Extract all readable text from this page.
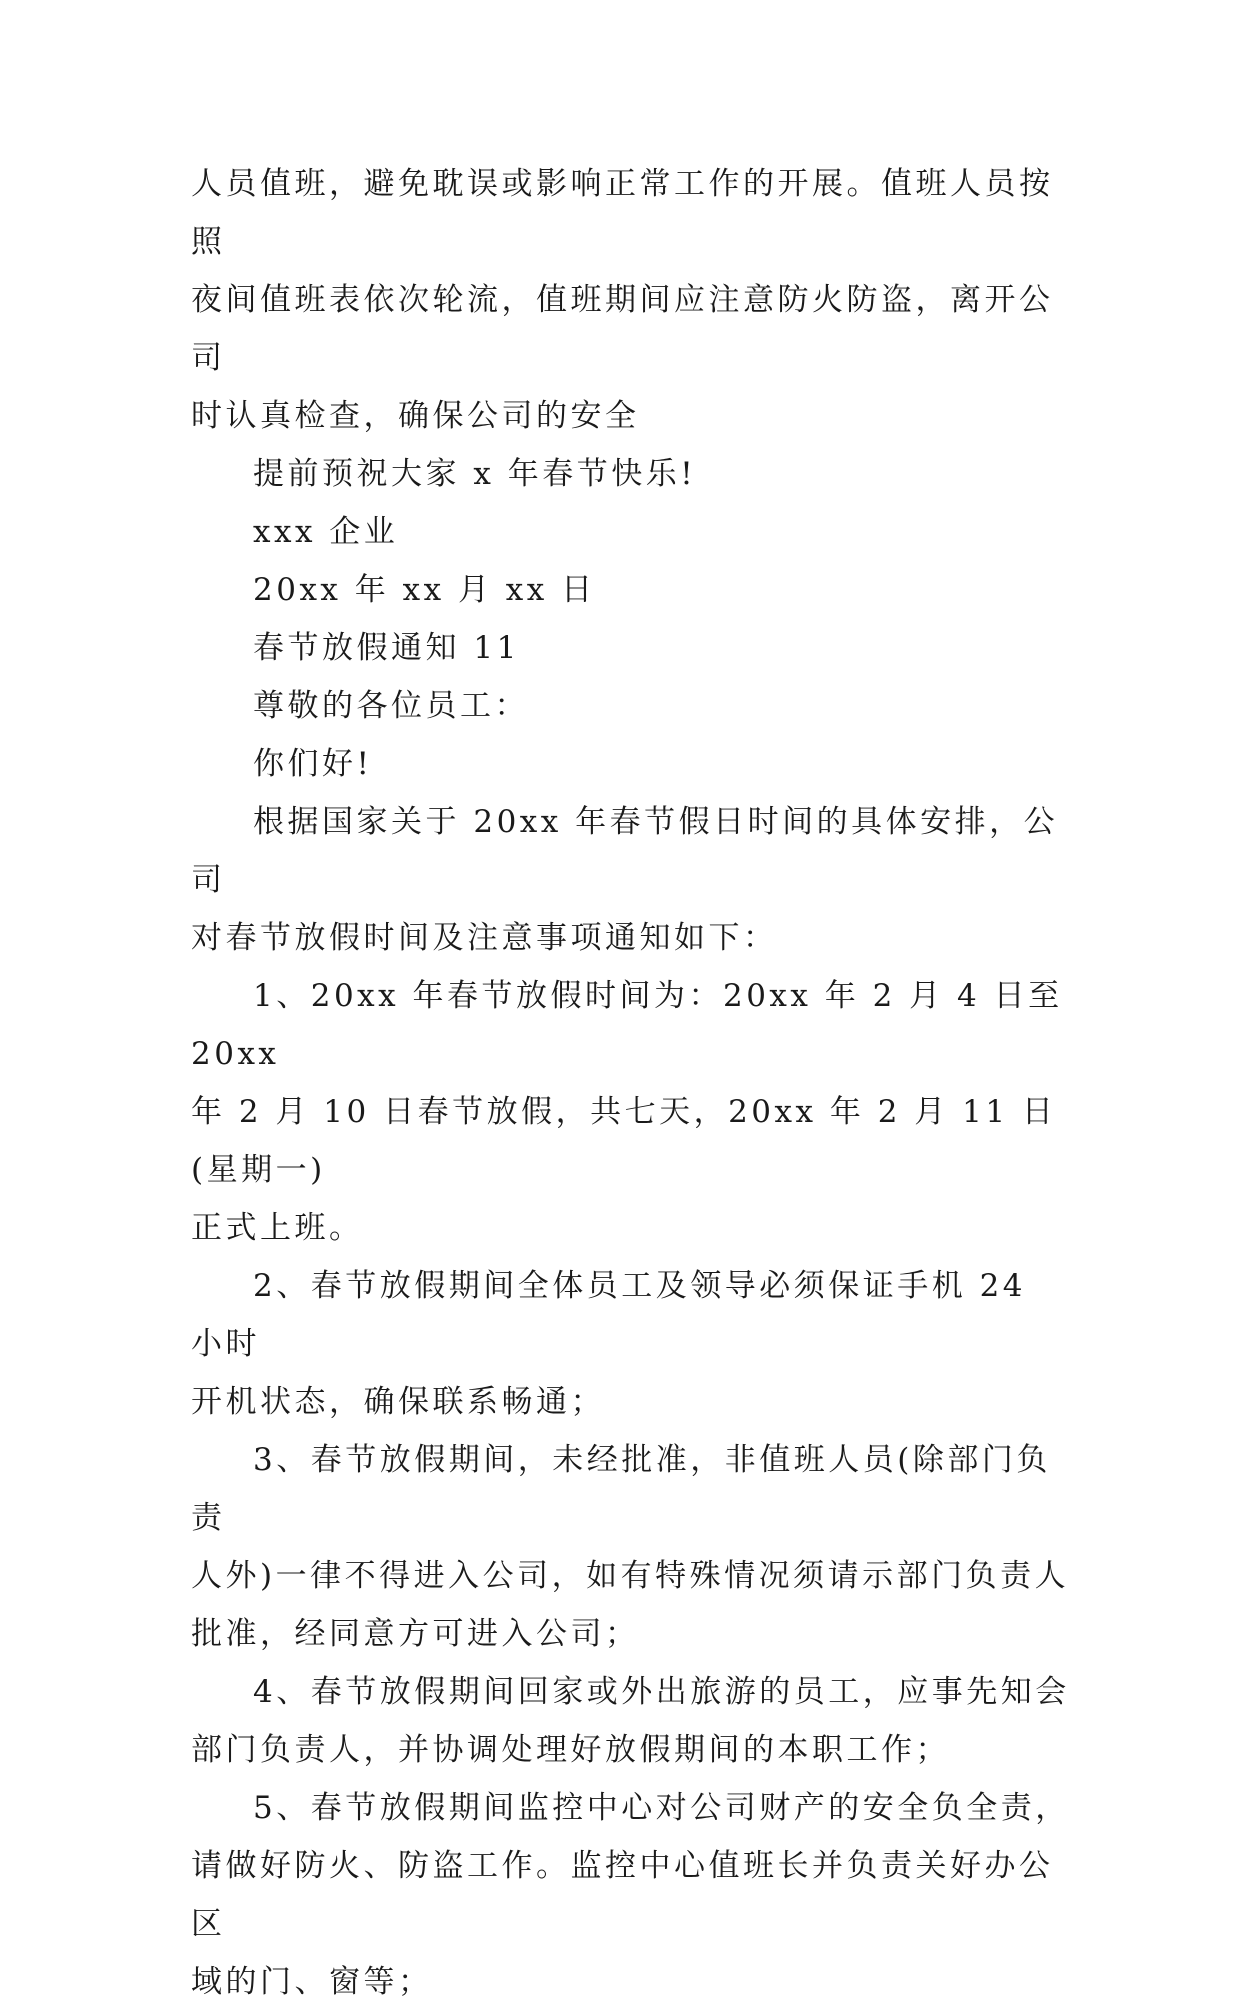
人员值班，避免耽误或影响正常工作的开展。值班人员按照
夜间值班表依次轮流，值班期间应注意防火防盗，离开公司
时认真检查，确保公司的安全

提前预祝大家 x 年春节快乐!

xxx 企业

20xx 年 xx 月 xx 日

春节放假通知 11

尊敬的各位员工：

你们好!

根据国家关于 20xx 年春节假日时间的具体安排，公司
对春节放假时间及注意事项通知如下：

1、20xx 年春节放假时间为：20xx 年 2 月 4 日至 20xx
年 2 月 10 日春节放假，共七天，20xx 年 2 月 11 日(星期一)
正式上班。

2、春节放假期间全体员工及领导必须保证手机 24 小时
开机状态，确保联系畅通；

3、春节放假期间，未经批准，非值班人员(除部门负责
人外)一律不得进入公司，如有特殊情况须请示部门负责人
批准，经同意方可进入公司；

4、春节放假期间回家或外出旅游的员工，应事先知会
部门负责人，并协调处理好放假期间的本职工作；

5、春节放假期间监控中心对公司财产的安全负全责，
请做好防火、防盗工作。监控中心值班长并负责关好办公区
域的门、窗等；
